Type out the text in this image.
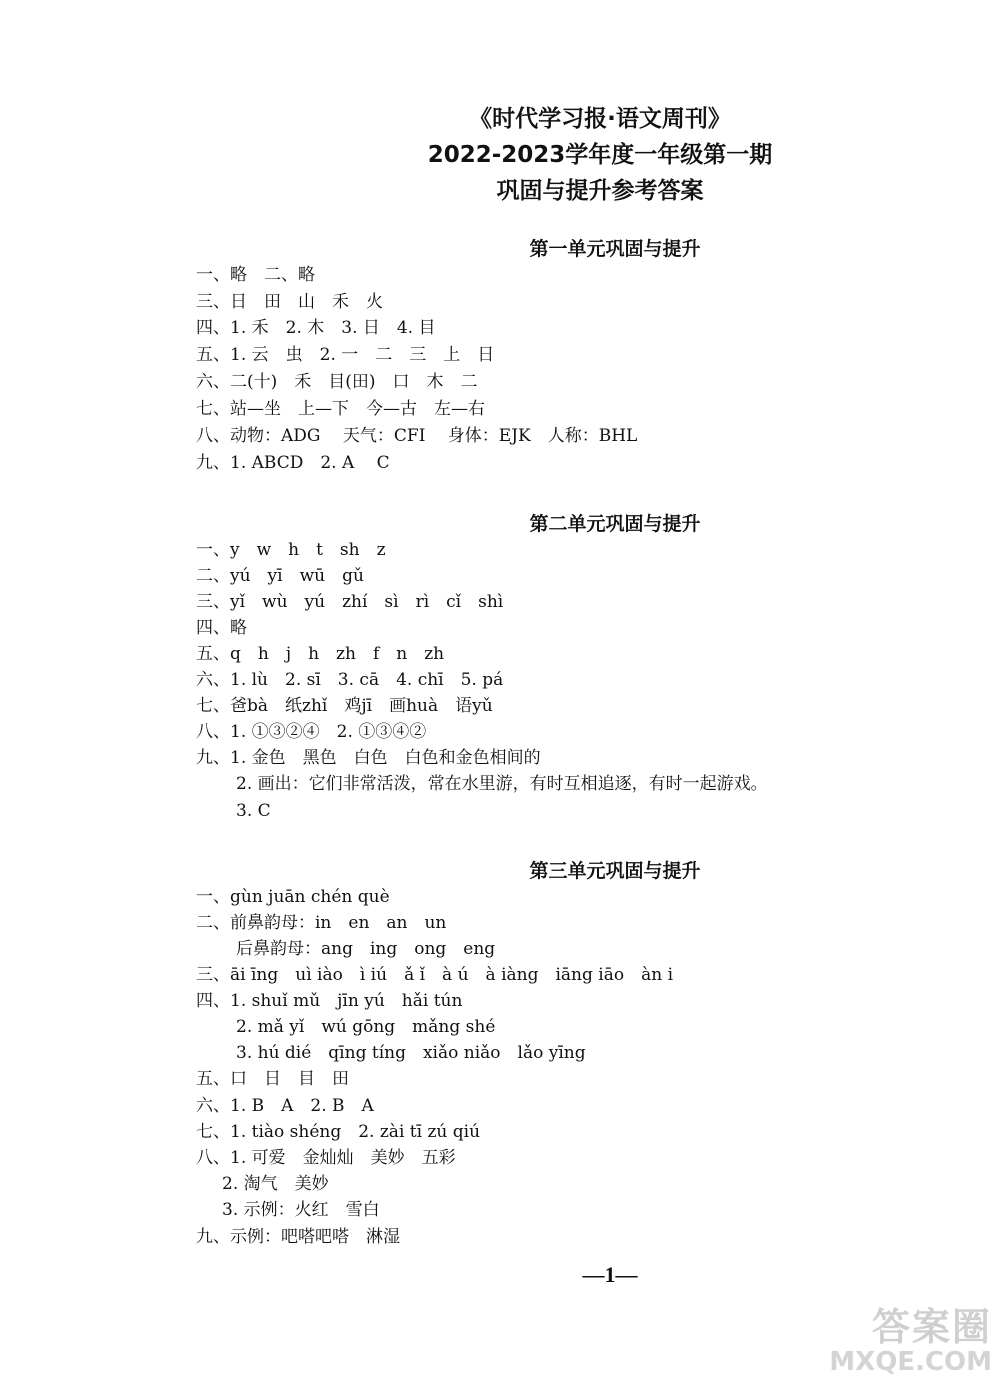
《时代学习报·语文周刊》
2022-2023学年度一年级第一期
巩固与提升参考答案
第一单元巩固与提升
一、略　二、略
三、日　田　山　禾　火
四、1. 禾　2. 木　3. 日　4. 目
五、1. 云　虫　2. 一　二　三　上　日
六、二(十)　禾　目(田)　口　木　二
七、站—坐　上—下　今—古　左—右
八、动物：ADG　 天气：CFI　 身体：EJK　人称：BHL
九、1. ABCD　2. A　 C
第二单元巩固与提升
一、y　w　h　t　sh　z
二、yú　yī　wū　gǔ
三、yǐ　wù　yú　zhí　sì　rì　cǐ　shì
四、略
五、q　h　j　h　zh　f　n　zh
六、1. lù　2. sī　3. cā　4. chī　5. pá
七、爸bà　纸zhǐ　鸡jī　画huà　语yǔ
八、1. ①③②④　2. ①③④②
九、1. 金色　黑色　白色　白色和金色相间的
2. 画出：它们非常活泼，常在水里游，有时互相追逐，有时一起游戏。
3. C
第三单元巩固与提升
一、gùn juān chén què
二、前鼻韵母：in　en　an　un
后鼻韵母：ang　ing　ong　eng
三、āi īng　uì iào　ì iú　ǎ ǐ　à ú　à iàng　iāng iāo　àn i
四、1. shuǐ mǔ　jīn yú　hǎi tún
2. mǎ yǐ　wú gōng　mǎng shé
3. hú dié　qīng tíng　xiǎo niǎo　lǎo yīng
五、口　日　目　田
六、1. B　A　2. B　A
七、1. tiào shéng　2. zài tī zú qiú
八、1. 可爱　金灿灿　美妙　五彩
2. 淘气　美妙
3. 示例：火红　雪白
九、示例：吧嗒吧嗒　淋湿
—1—
答案圈
MXQE.COM
